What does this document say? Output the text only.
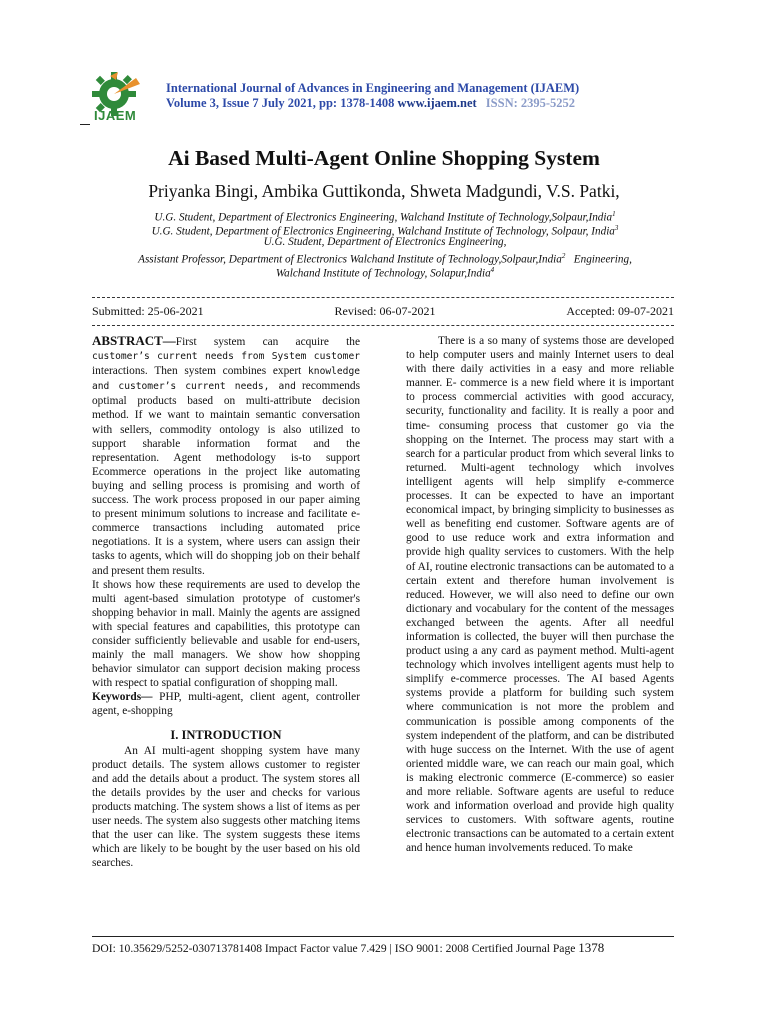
IJAEM
International Journal of Advances in Engineering and Management (IJAEM)
Volume 3, Issue 7 July 2021, pp: 1378-1408 www.ijaem.net ISSN: 2395-5252
Ai Based Multi-Agent Online Shopping System
Priyanka Bingi, Ambika Guttikonda, Shweta Madgundi, V.S. Patki,
U.G. Student, Department of Electronics Engineering, Walchand Institute of Technology,Solpaur,India$^1$
U.G. Student, Department of Electronics Engineering, Walchand Institute of Technology, Solpaur, India$^3$
U.G. Student, Department of Electronics Engineering,
Assistant Professor, Department of Electronics Walchand Institute of Technology,Solpaur,India$^2$ Engineering,
Walchand Institute of Technology, Solapur,India$^4$
Submitted: 25-06-2021	Revised: 06-07-2021	Accepted: 09-07-2021

ABSTRACT—First system can acquire the customer’s current needs from System customer interactions. Then system combines expert knowledge and customer’s current needs, and recommends optimal products based on multi-attribute decision method. If we want to maintain semantic conversation with sellers, commodity ontology is also utilized to support sharable information format and the representation. Agent methodology is-to support Ecommerce operations in the project like automating buying and selling process is promising and worth of success. The work process proposed in our paper aiming to present minimum solutions to increase and facilitate e- commerce transactions including automated price negotiations. It is a system, where users can assign their tasks to agents, which will do shopping job on their behalf and present them results.

It shows how these requirements are used to develop the multi agent-based simulation prototype of customer's shopping behavior in mall. Mainly the agents are assigned with special features and capabilities, this prototype can consider sufficiently believable and usable for end-users, mainly the mall managers. We show how shopping behavior simulator can support decision making process with respect to spatial configuration of shopping mall.

Keywords— PHP, multi-agent, client agent, controller agent, e-shopping

I. INTRODUCTION

An AI multi-agent shopping system have many product details. The system allows customer to register and add the details about a product. The system stores all the details provides by the user and checks for various products matching. The system shows a list of items as per user needs. The system also suggests other matching items that the user can like. The system suggests these items which are likely to be bought by the user based on his old searches.

There is a so many of systems those are developed to help computer users and mainly Internet users to deal with there daily activities in a easy and more reliable manner. E- commerce is a new field where it is important to process commercial activities with good accuracy, security, functionality and facility. It is really a poor and time- consuming process that customer go via the shopping on the Internet. The process may start with a search for a particular product from which several links to returned. Multi-agent technology which involves intelligent agents will help simplify e-commerce processes. It can be expected to have an important economical impact, by bringing simplicity to businesses as well as benefiting end customer. Software agents are of good to use reduce work and extra information and provide high quality services to customers. With the help of AI, routine electronic transactions can be automated to a certain extent and therefore human involvement is reduced. However, we will also need to define our own dictionary and vocabulary for the content of the messages exchanged between the agents. After all needful information is collected, the buyer will then purchase the product using a any card as payment method. Multi-agent technology which involves intelligent agents must help to simplify e-commerce processes. The AI based Agents systems provide a platform for building such system where communication is not more the problem and communication is possible among components of the system independent of the platform, and can be distributed with huge success on the Internet. With the use of agent oriented middle ware, we can reach our main goal, which is making electronic commerce (E-commerce) so easier and more reliable. Software agents are useful to reduce work and information overload and provide high quality services to customers. With software agents, routine electronic transactions can be automated to a certain extent and hence human involvements reduced. To make

DOI: 10.35629/5252-030713781408 Impact Factor value 7.429 | ISO 9001: 2008 Certified Journal Page 1378
